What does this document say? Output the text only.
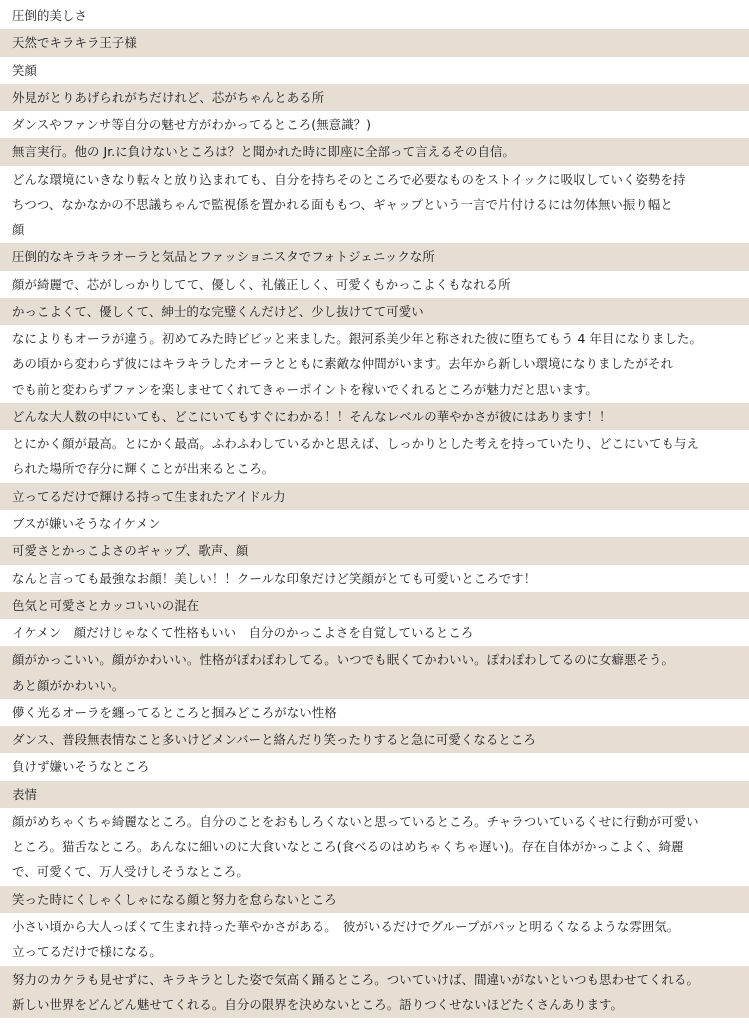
圧倒的美しさ
天然でキラキラ王子様
笑顔
外見がとりあげられがちだけれど、芯がちゃんとある所
ダンスやファンサ等自分の魅せ方がわかってるところ(無意識？)
無言実行。他の Jr.に負けないところは？と聞かれた時に即座に全部って言えるその自信。
どんな環境にいきなり転々と放り込まれても、自分を持ちそのところで必要なものをストイックに吸収していく姿勢を持
ちつつ、なかなかの不思議ちゃんで監視係を置かれる面ももつ、ギャップという一言で片付けるには勿体無い振り幅と
顔
圧倒的なキラキラオーラと気品とファッショニスタでフォトジェニックな所
顔が綺麗で、芯がしっかりしてて、優しく、礼儀正しく、可愛くもかっこよくもなれる所
かっこよくて、優しくて、紳士的な完璧くんだけど、少し抜けてて可愛い
なによりもオーラが違う。初めてみた時ビビッと来ました。銀河系美少年と称された彼に堕ちてもう 4 年目になりました。
あの頃から変わらず彼にはキラキラしたオーラとともに素敵な仲間がいます。去年から新しい環境になりましたがそれ
でも前と変わらずファンを楽しませてくれてきゃーポイントを稼いでくれるところが魅力だと思います。
どんな大人数の中にいても、どこにいてもすぐにわかる！！そんなレベルの華やかさが彼にはあります！！
とにかく顔が最高。とにかく最高。ふわふわしているかと思えば、しっかりとした考えを持っていたり、どこにいても与え
られた場所で存分に輝くことが出来るところ。
立ってるだけで輝ける持って生まれたアイドル力
ブスが嫌いそうなイケメン
可愛さとかっこよさのギャップ、歌声、顔
なんと言っても最強なお顔！美しい！！クールな印象だけど笑顔がとても可愛いところです！
色気と可愛さとカッコいいの混在
イケメン　顔だけじゃなくて性格もいい　自分のかっこよさを自覚しているところ
顔がかっこいい。顔がかわいい。性格がぽわぽわしてる。いつでも眠くてかわいい。ぽわぽわしてるのに女癖悪そう。
あと顔がかわいい。
儚く光るオーラを纏ってるところと掴みどころがない性格
ダンス、普段無表情なこと多いけどメンバーと絡んだり笑ったりすると急に可愛くなるところ
負けず嫌いそうなところ
表情
顔がめちゃくちゃ綺麗なところ。自分のことをおもしろくないと思っているところ。チャラついているくせに行動が可愛い
ところ。猫舌なところ。あんなに細いのに大食いなところ(食べるのはめちゃくちゃ遅い)。存在自体がかっこよく、綺麗
で、可愛くて、万人受けしそうなところ。
笑った時にくしゃくしゃになる顔と努力を怠らないところ
小さい頃から大人っぽくて生まれ持った華やかさがある。　彼がいるだけでグループがパッと明るくなるような雰囲気。
立ってるだけで様になる。
努力のカケラも見せずに、キラキラとした姿で気高く踊るところ。ついていけば、間違いがないといつも思わせてくれる。
新しい世界をどんどん魅せてくれる。自分の限界を決めないところ。語りつくせないほどたくさんあります。
